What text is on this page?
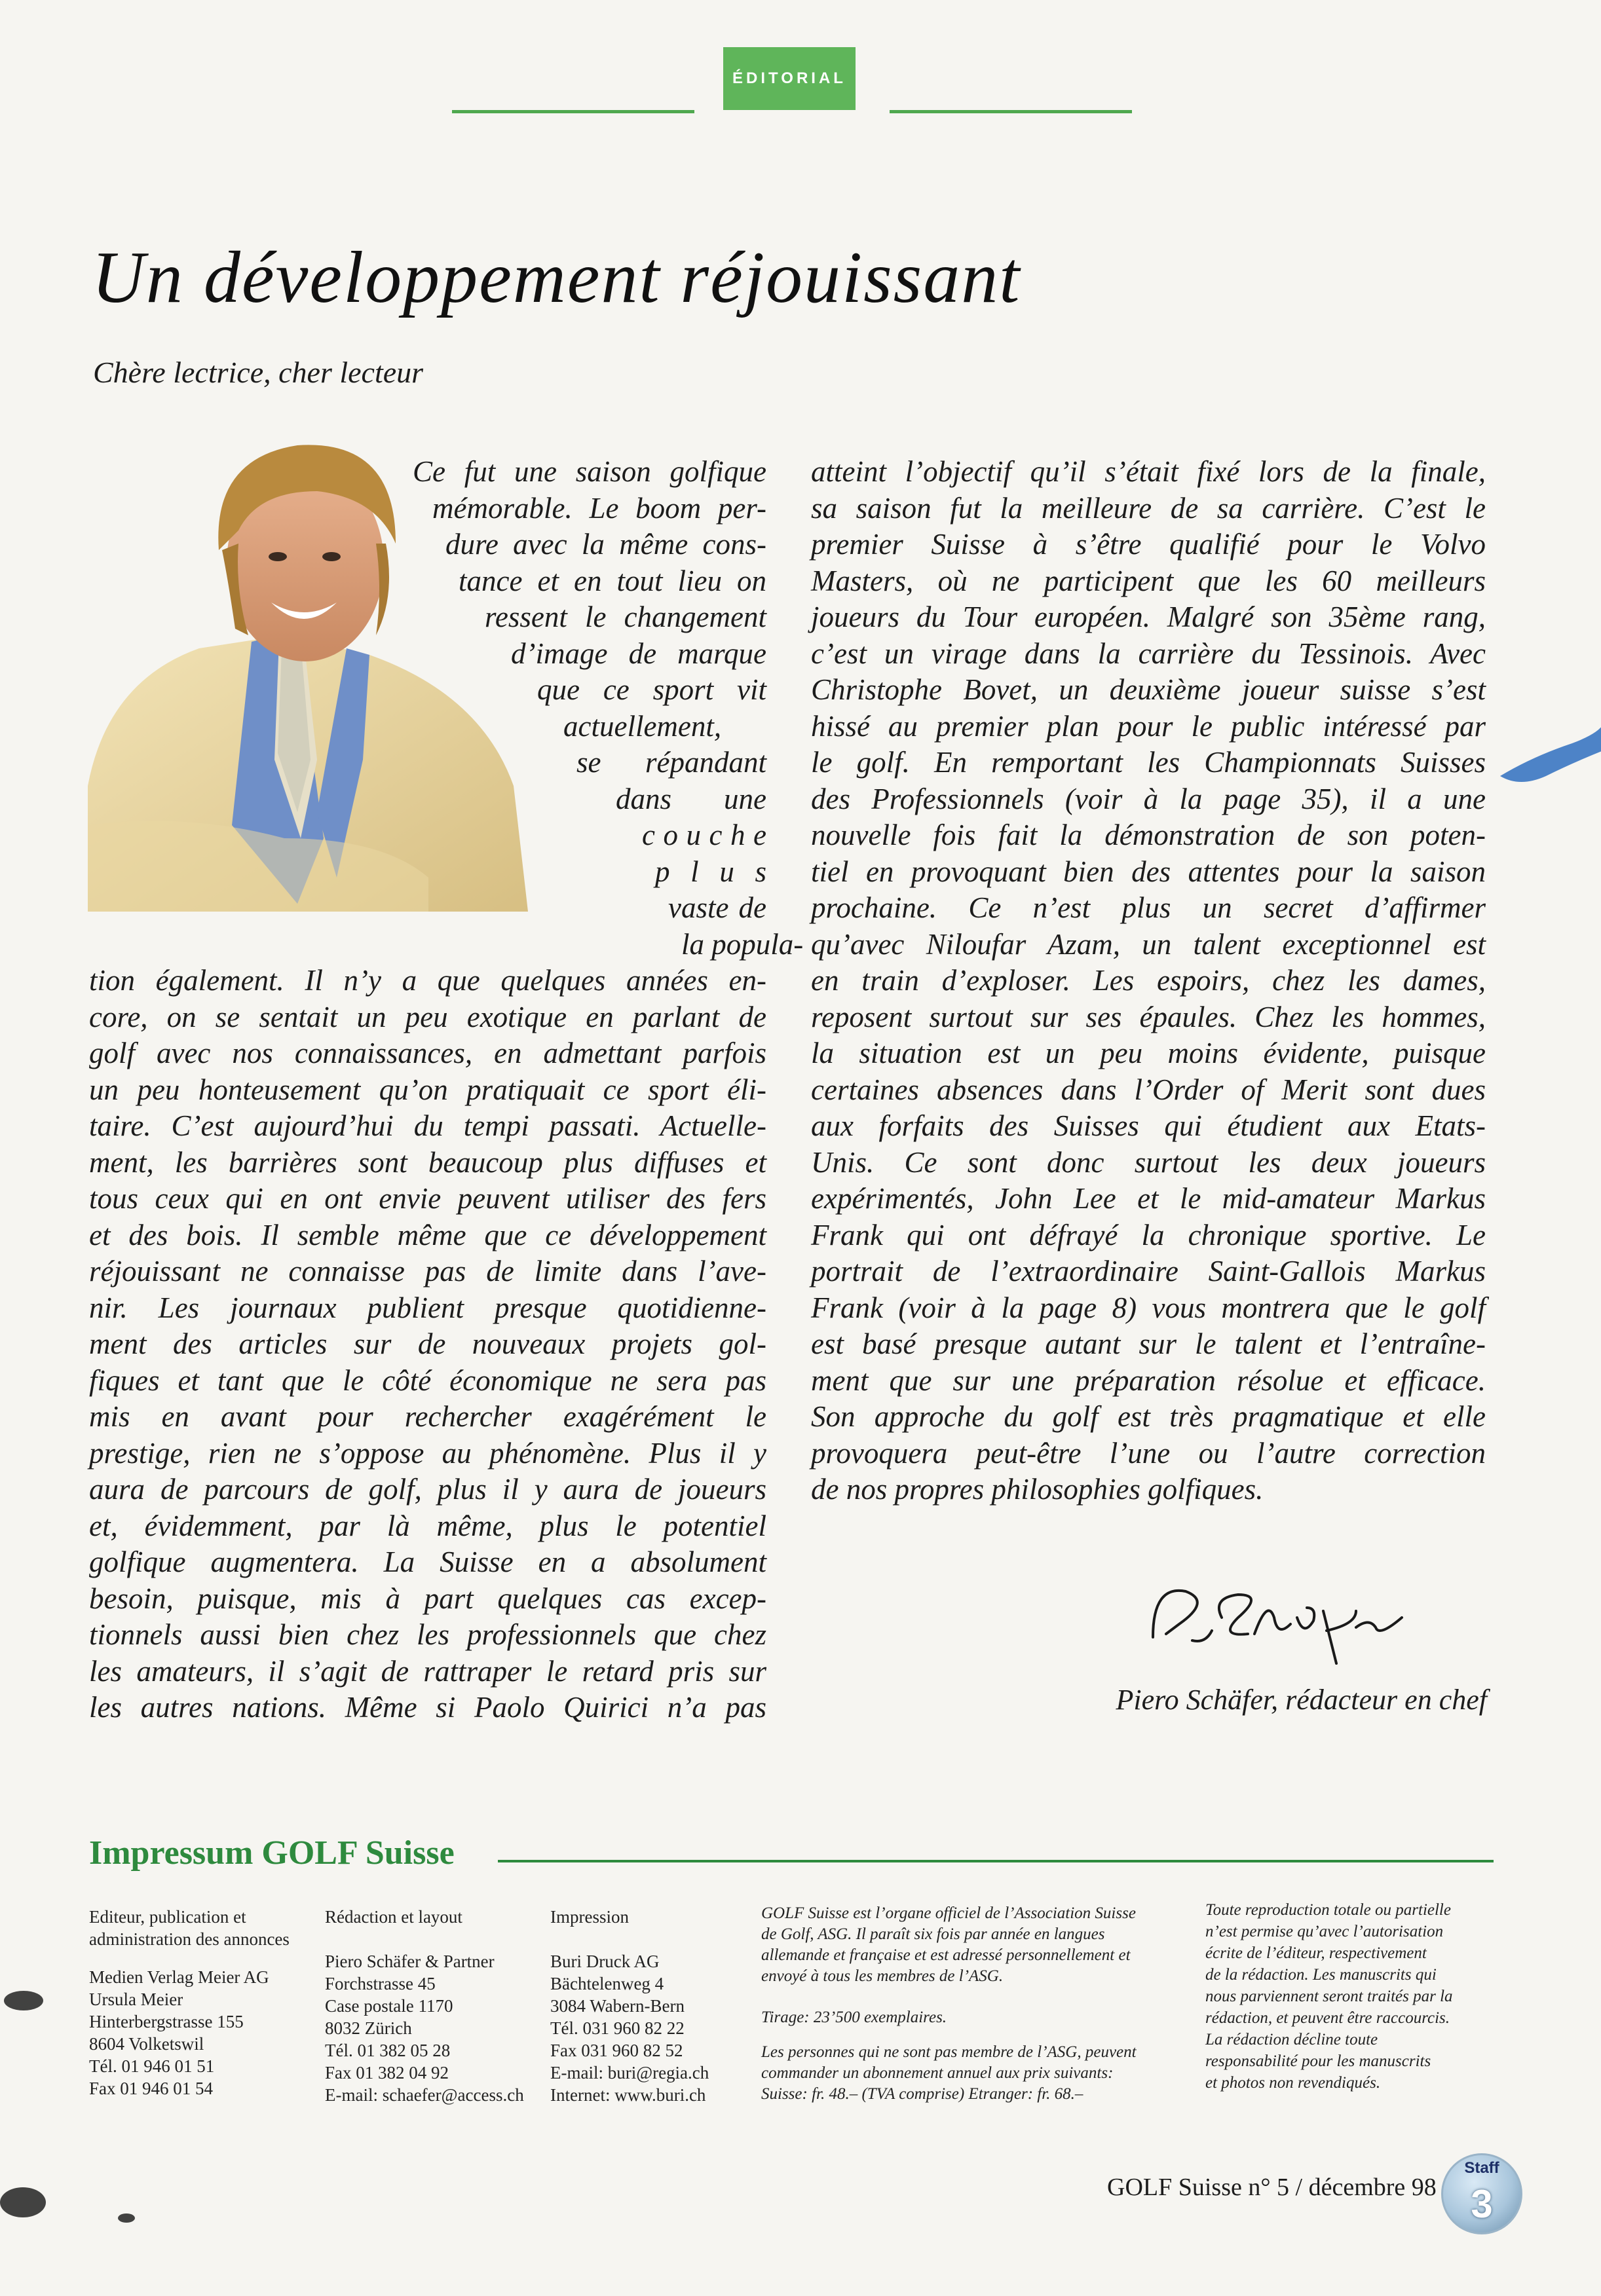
ÉDITORIAL
Un développement réjouissant
Chère lectrice, cher lecteur
Ce fut une saison golfique
mémorable. Le boom per-
dure avec la même cons-
tance et en tout lieu on
ressent le changement
d’image de marque
que ce sport vit
actuellement,
se répandant
dans une
c o u c h e
p l u s
vaste de
la popula-
tion également. Il n’y a que quelques années en-
core, on se sentait un peu exotique en parlant de
golf avec nos connaissances, en admettant parfois
un peu honteusement qu’on pratiquait ce sport éli-
taire. C’est aujourd’hui du tempi passati. Actuelle-
ment, les barrières sont beaucoup plus diffuses et
tous ceux qui en ont envie peuvent utiliser des fers
et des bois. Il semble même que ce développement
réjouissant ne connaisse pas de limite dans l’ave-
nir. Les journaux publient presque quotidienne-
ment des articles sur de nouveaux projets gol-
fiques et tant que le côté économique ne sera pas
mis en avant pour rechercher exagérément le
prestige, rien ne s’oppose au phénomène. Plus il y
aura de parcours de golf, plus il y aura de joueurs
et, évidemment, par là même, plus le potentiel
golfique augmentera. La Suisse en a absolument
besoin, puisque, mis à part quelques cas excep-
tionnels aussi bien chez les professionnels que chez
les amateurs, il s’agit de rattraper le retard pris sur
les autres nations. Même si Paolo Quirici n’a pas
atteint l’objectif qu’il s’était fixé lors de la finale,
sa saison fut la meilleure de sa carrière. C’est le
premier Suisse à s’être qualifié pour le Volvo
Masters, où ne participent que les 60 meilleurs
joueurs du Tour européen. Malgré son 35ème rang,
c’est un virage dans la carrière du Tessinois. Avec
Christophe Bovet, un deuxième joueur suisse s’est
hissé au premier plan pour le public intéressé par
le golf. En remportant les Championnats Suisses
des Professionnels (voir à la page 35), il a une
nouvelle fois fait la démonstration de son poten-
tiel en provoquant bien des attentes pour la saison
prochaine. Ce n’est plus un secret d’affirmer
qu’avec Niloufar Azam, un talent exceptionnel est
en train d’exploser. Les espoirs, chez les dames,
reposent surtout sur ses épaules. Chez les hommes,
la situation est un peu moins évidente, puisque
certaines absences dans l’Order of Merit sont dues
aux forfaits des Suisses qui étudient aux Etats-
Unis. Ce sont donc surtout les deux joueurs
expérimentés, John Lee et le mid-amateur Markus
Frank qui ont défrayé la chronique sportive. Le
portrait de l’extraordinaire Saint-Gallois Markus
Frank (voir à la page 8) vous montrera que le golf
est basé presque autant sur le talent et l’entraîne-
ment que sur une préparation résolue et efficace.
Son approche du golf est très pragmatique et elle
provoquera peut-être l’une ou l’autre correction
de nos propres philosophies golfiques.
Piero Schäfer, rédacteur en chef
Impressum GOLF Suisse
Editeur, publication et
administration des annonces
Medien Verlag Meier AG
Ursula Meier
Hinterbergstrasse 155
8604 Volketswil
Tél. 01 946 01 51
Fax 01 946 01 54
Rédaction et layout
Piero Schäfer & Partner
Forchstrasse 45
Case postale 1170
8032 Zürich
Tél. 01 382 05 28
Fax 01 382 04 92
E-mail: schaefer@access.ch
Impression
Buri Druck AG
Bächtelenweg 4
3084 Wabern-Bern
Tél. 031 960 82 22
Fax 031 960 82 52
E-mail: buri@regia.ch
Internet: www.buri.ch
GOLF Suisse est l’organe officiel de l’Association Suisse
de Golf, ASG. Il paraît six fois par année en langues
allemande et française et est adressé personnellement et
envoyé à tous les membres de l’ASG.
Tirage: 23’500 exemplaires.
Les personnes qui ne sont pas membre de l’ASG, peuvent
commander un abonnement annuel aux prix suivants:
Suisse: fr. 48.– (TVA comprise) Etranger: fr. 68.–
Toute reproduction totale ou partielle
n’est permise qu’avec l’autorisation
écrite de l’éditeur, respectivement
de la rédaction. Les manuscrits qui
nous parviennent seront traités par la
rédaction, et peuvent être raccourcis.
La rédaction décline toute
responsabilité pour les manuscrits
et photos non revendiqués.
GOLF Suisse n° 5 / décembre 98
Staff
3
